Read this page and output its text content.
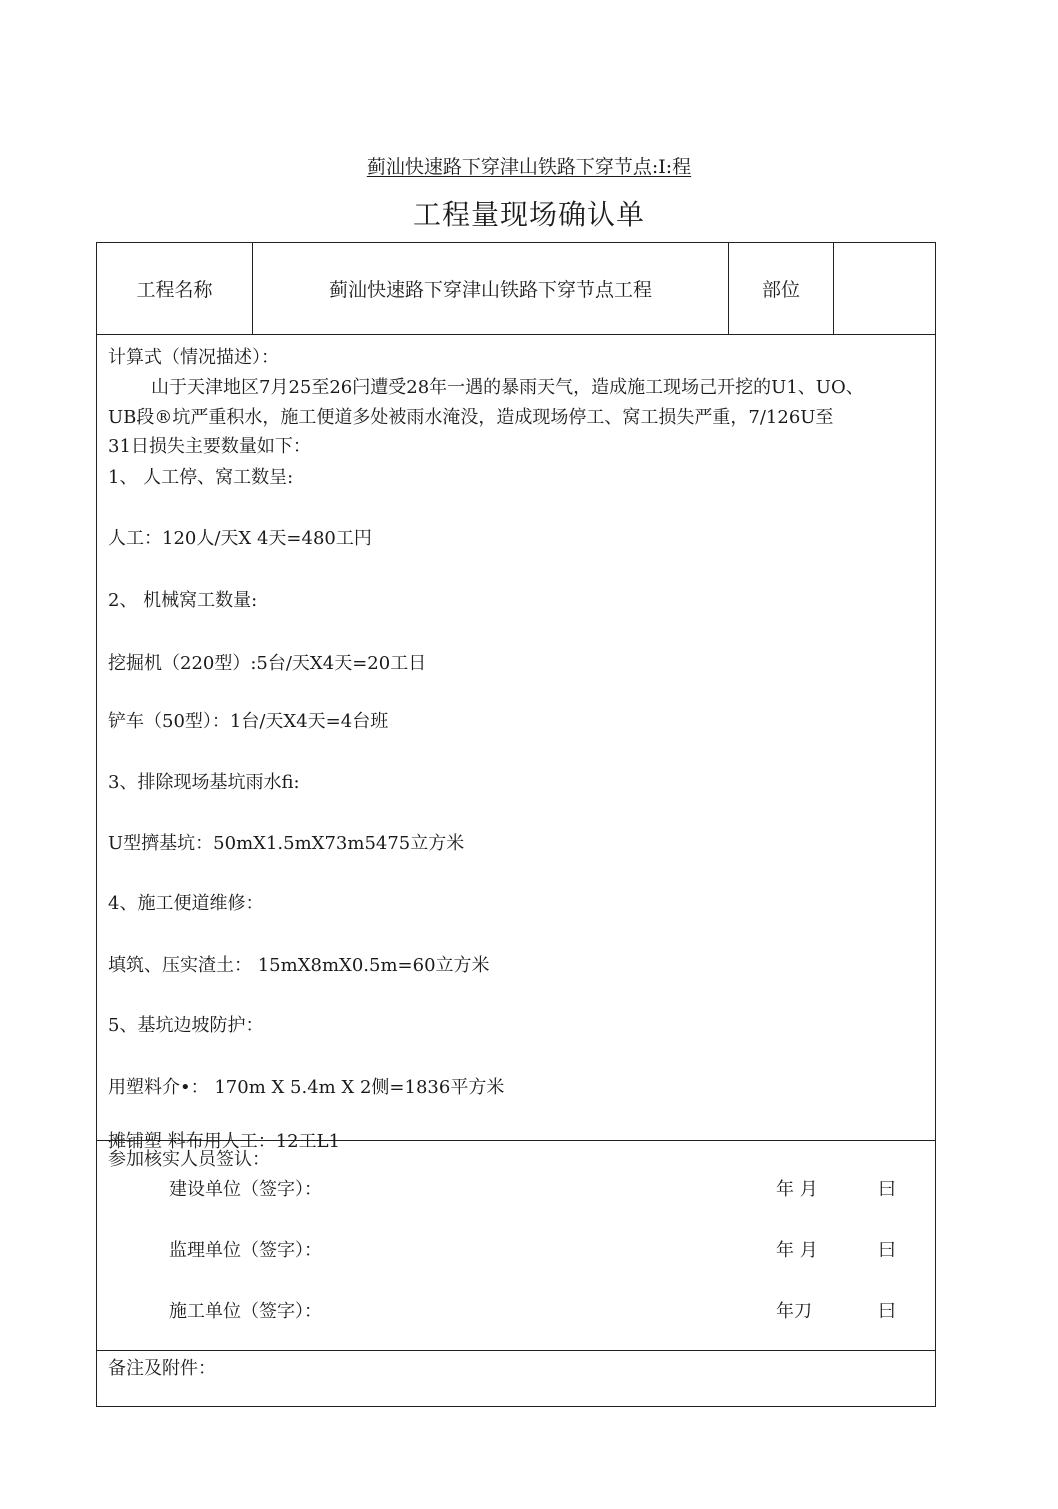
蓟汕快速路下穿津山铁路下穿节点:I:程
工程量现场确认单
工程名称	蓟汕快速路下穿津山铁路下穿节点工程	部位
计算式（情况描述）：
山于天津地区7月25至26闩遭受28年一遇的暴雨天气，造成施工现场己开挖的U1、UO、
UB段®坑严重积水，施工便道多处被雨水淹没，造成现场停工、窝工损失严重，7/126U至
31日损失主要数量如下：
1、 人工停、窝工数呈:
人工：120人/天X 4天=480工円
2、 机械窝工数量:
挖掘机（220型）:5台/天X4天=20工日
铲车（50型）：1台/天X4天=4台班
3、排除现场基坑雨水fi:
U型擠基坑：50mX1.5mX73m5475立方米
4、施工便道维修：
填筑、压实渣土： 15mX8mX0.5m=60立方米
5、基坑边坡防护：
用塑料介•： 170m X 5.4m X 2侧=1836平方米
摊铺塑 料布用人工：12工L1
参加核实人员签认：
建设单位（签字）：	年 月	曰
监理单位（签字）：	年 月	曰
施工单位（签字）：	年刀	曰
备注及附件：
